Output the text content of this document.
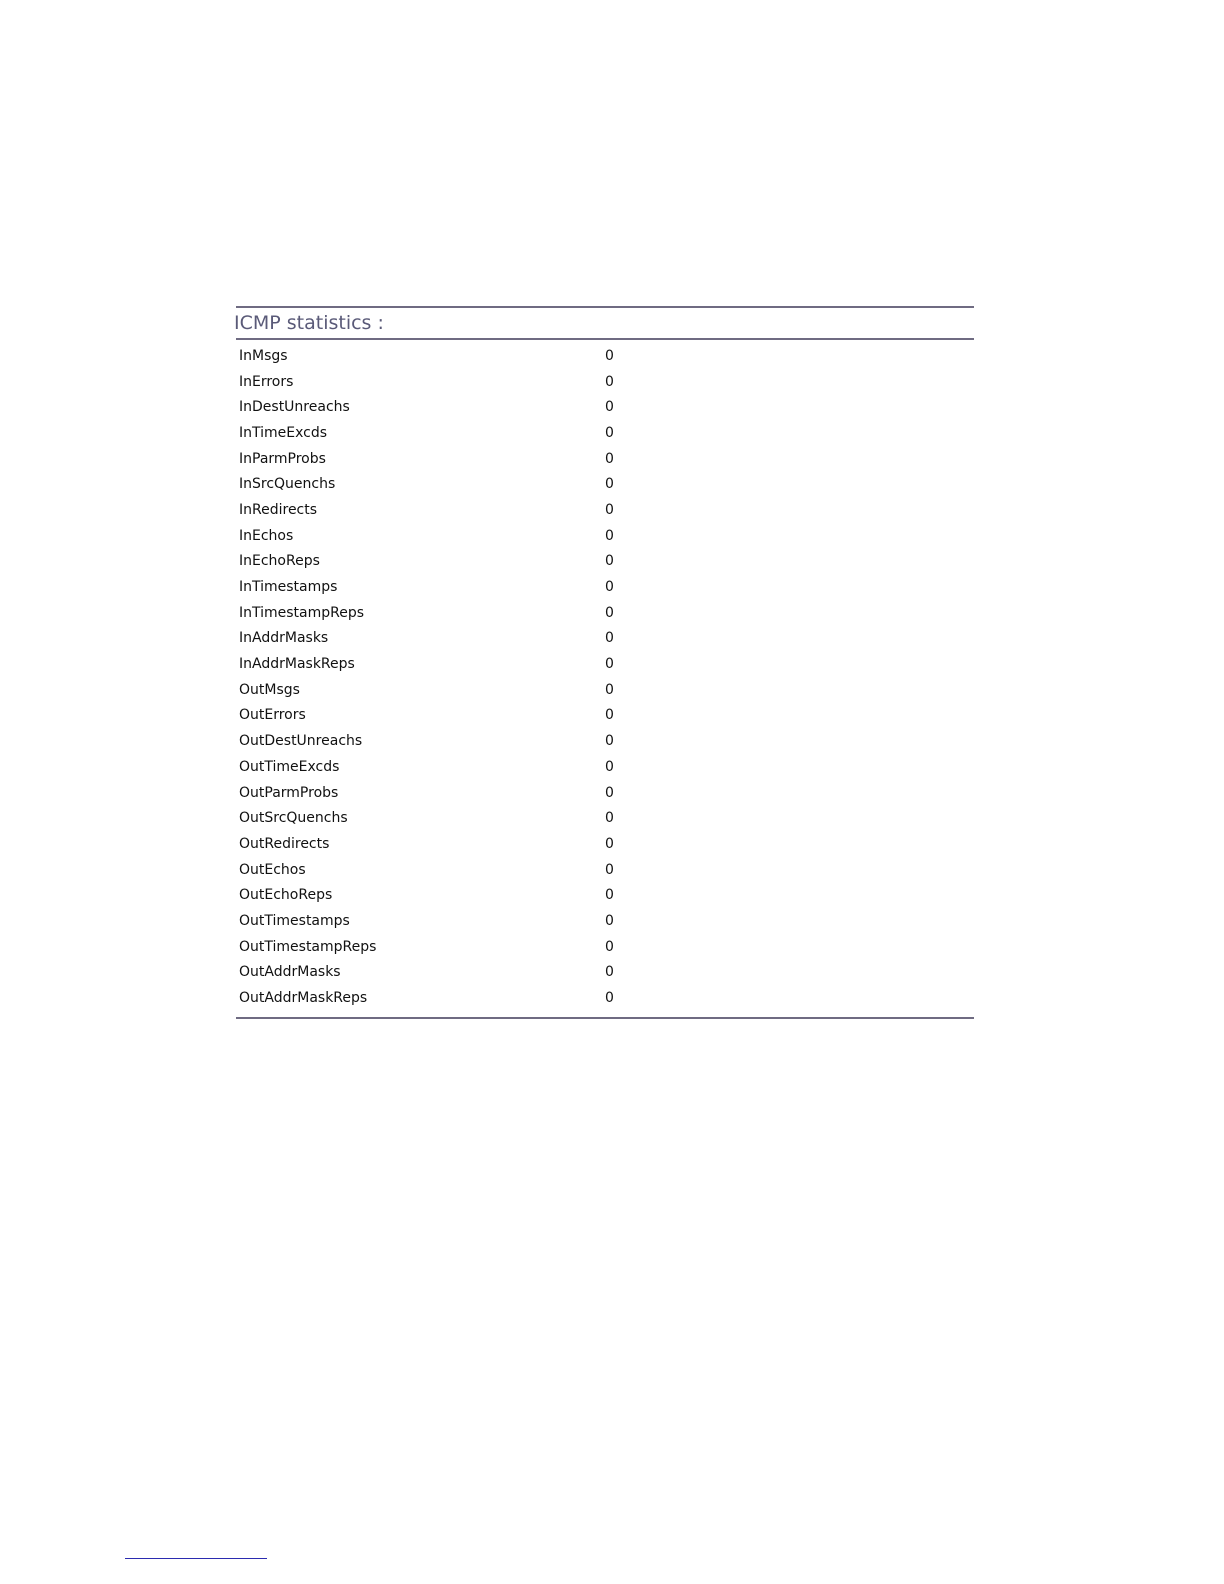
ICMP statistics :
InMsgs	0
InErrors	0
InDestUnreachs	0
InTimeExcds	0
InParmProbs	0
InSrcQuenchs	0
InRedirects	0
InEchos	0
InEchoReps	0
InTimestamps	0
InTimestampReps	0
InAddrMasks	0
InAddrMaskReps	0
OutMsgs	0
OutErrors	0
OutDestUnreachs	0
OutTimeExcds	0
OutParmProbs	0
OutSrcQuenchs	0
OutRedirects	0
OutEchos	0
OutEchoReps	0
OutTimestamps	0
OutTimestampReps	0
OutAddrMasks	0
OutAddrMaskReps	0
